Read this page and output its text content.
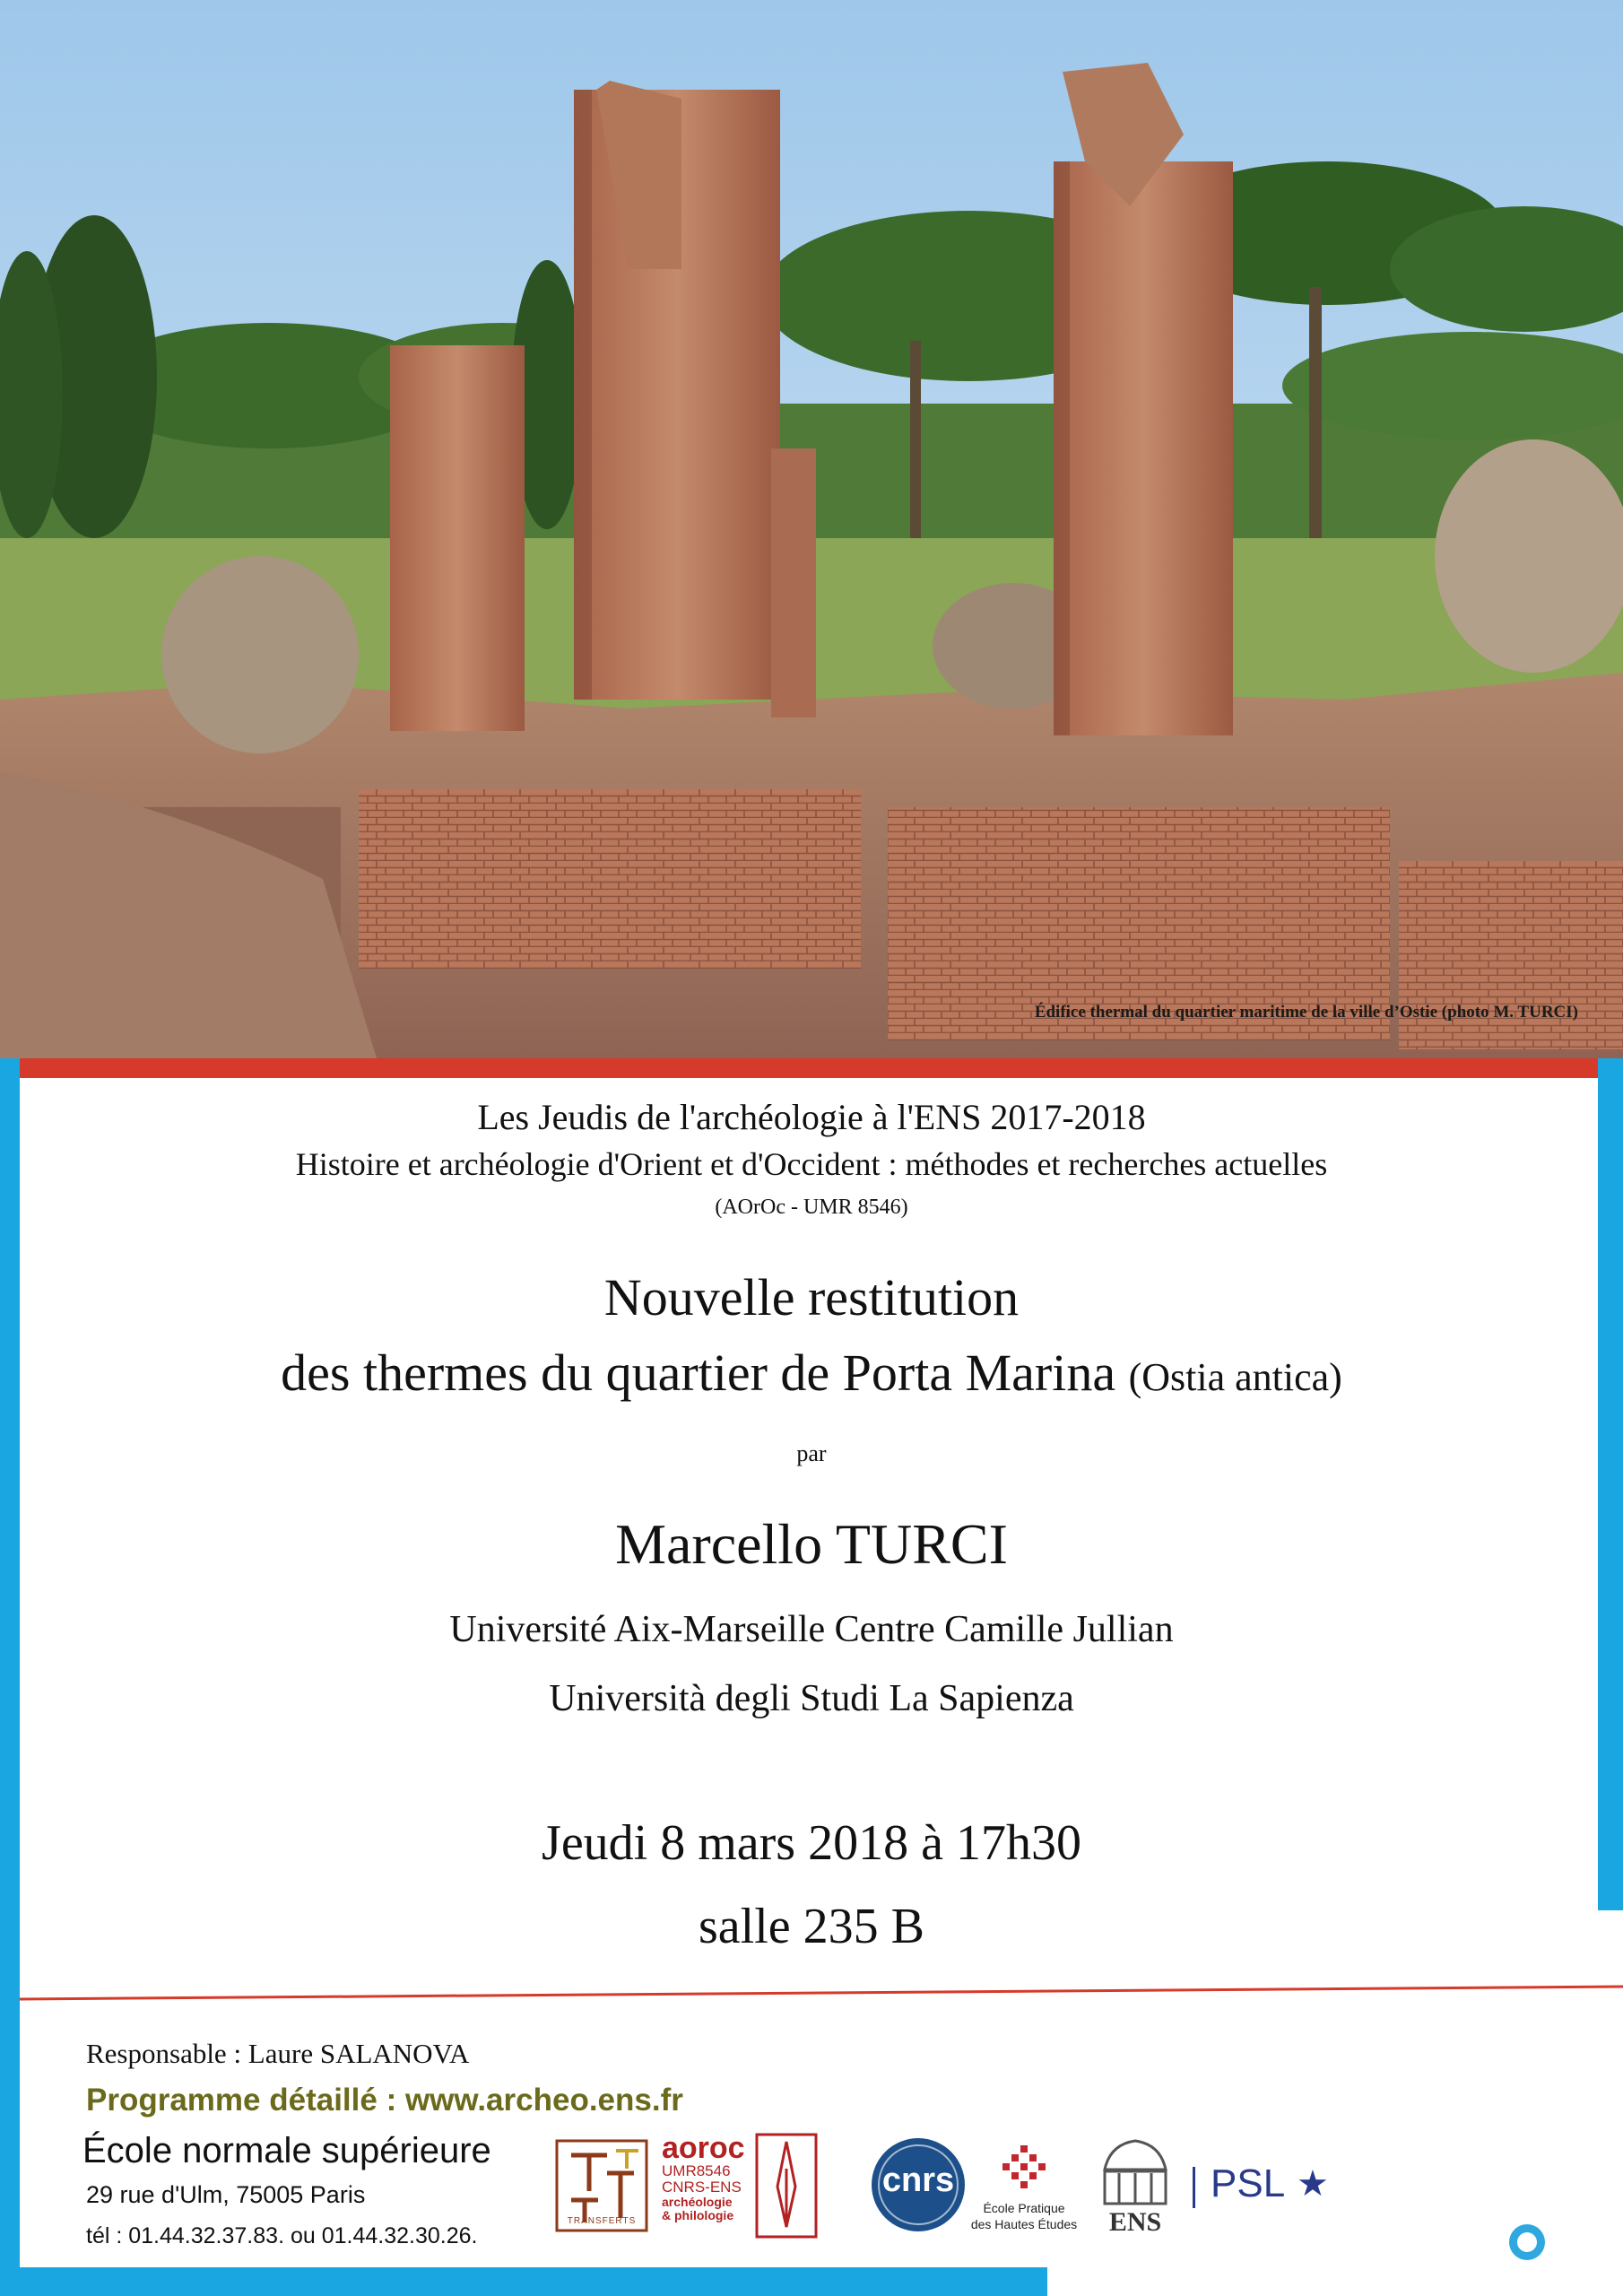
Édifice thermal du quartier maritime de la ville d’Ostie (photo M. TURCI)
Les Jeudis de l'archéologie à l'ENS 2017-2018
Histoire et archéologie d'Orient et d'Occident : méthodes et recherches actuelles
(AOrOc - UMR 8546)
Nouvelle restitution
des thermes du quartier de Porta Marina (Ostia antica)
par
Marcello TURCI
Université Aix-Marseille Centre Camille Jullian
Università degli Studi La Sapienza
Jeudi 8 mars 2018 à 17h30
salle 235 B
Responsable : Laure SALANOVA
Programme détaillé : www.archeo.ens.fr
École normale supérieure
29 rue d'Ulm, 75005 Paris
tél : 01.44.32.37.83. ou 01.44.32.30.26.
TRANSFERTS
aoroc
UMR8546
CNRS-ENS
archéologie
& philologie
cnrs
École Pratique
des Hautes Études	ENS
PSL ★
